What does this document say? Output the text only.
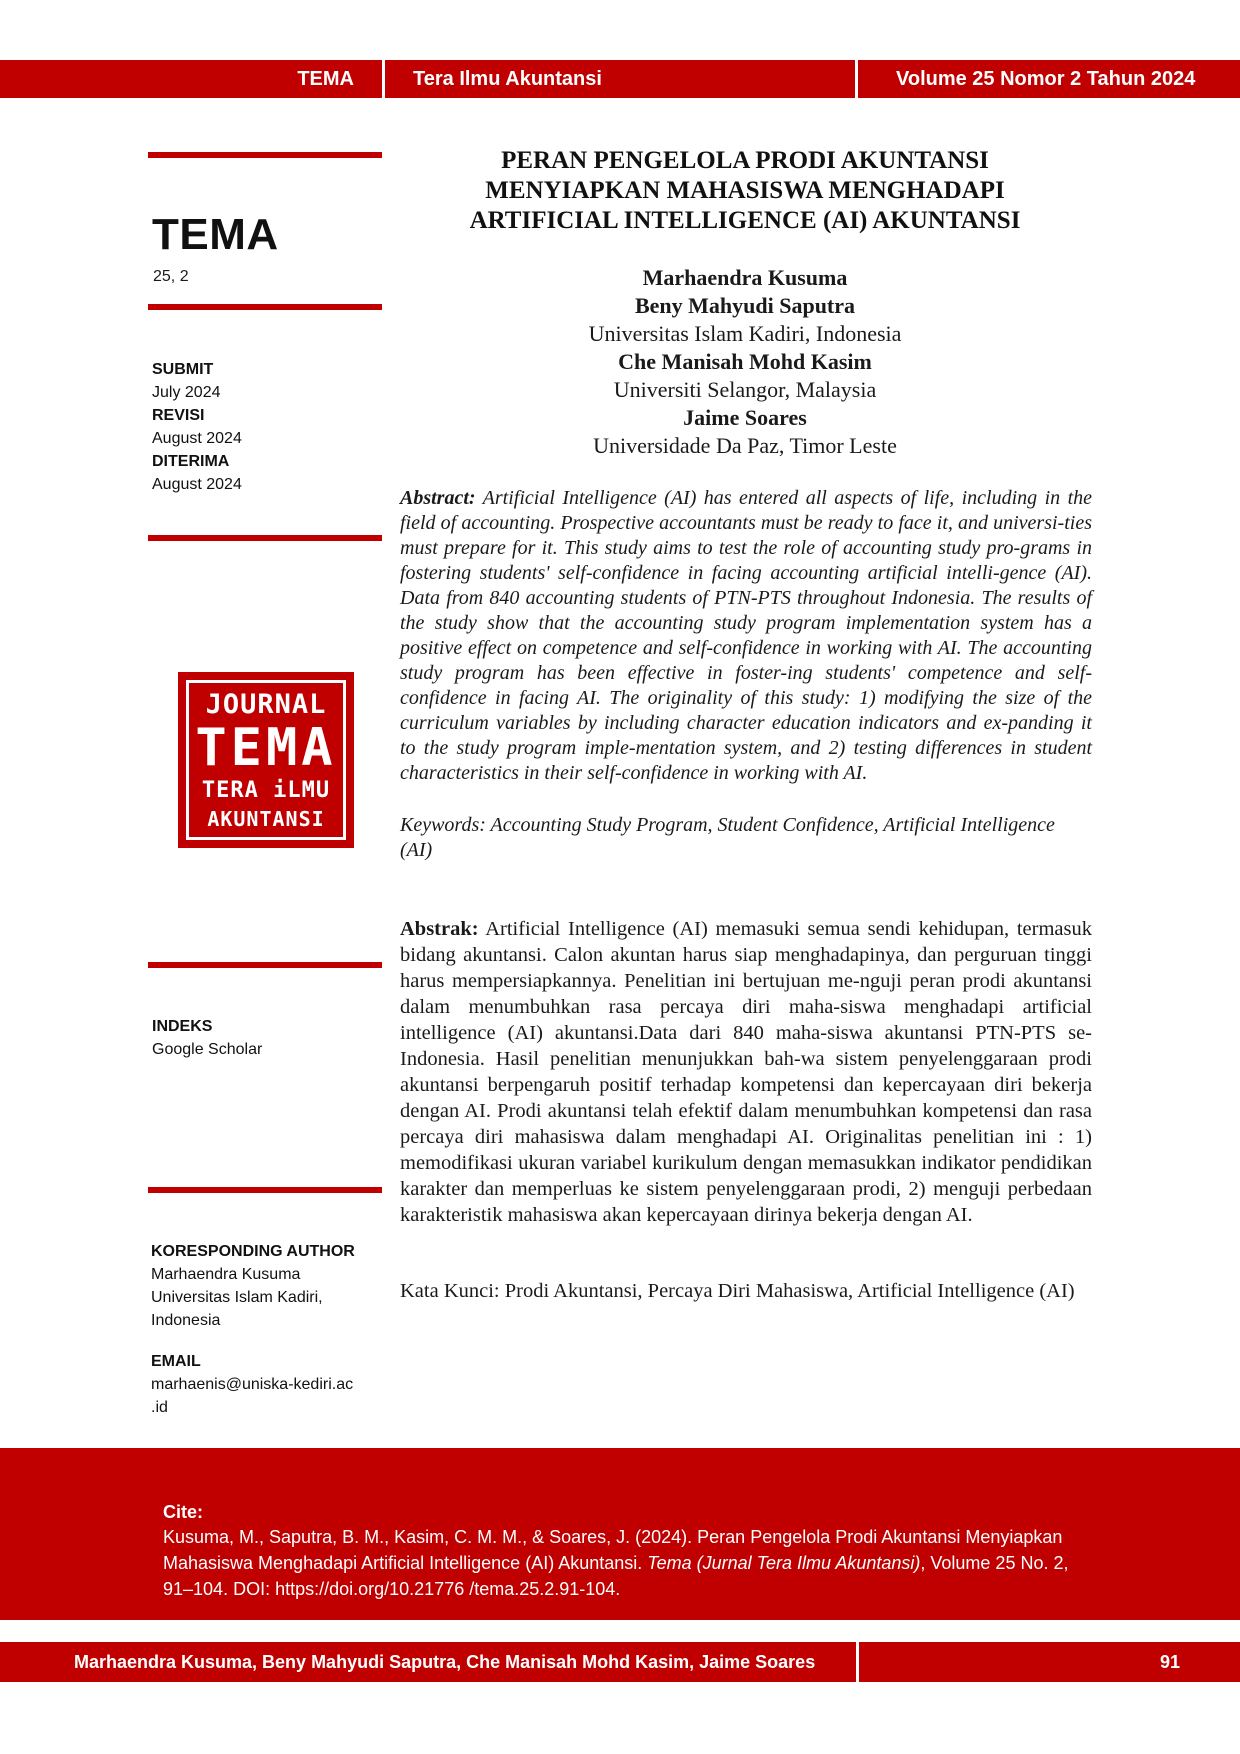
TEMA	Tera Ilmu Akuntansi	Volume 25 Nomor 2 Tahun 2024
TEMA
25, 2
SUBMIT
July 2024
REVISI
August 2024
DITERIMA
August 2024
JOURNAL
TEMA
TERA iLMU
AKUNTANSI
INDEKS
Google Scholar
KORESPONDING AUTHOR
Marhaendra Kusuma
Universitas Islam Kadiri,
Indonesia
EMAIL
marhaenis@uniska-kediri.ac
.id
PERAN PENGELOLA PRODI AKUNTANSI
MENYIAPKAN MAHASISWA MENGHADAPI
ARTIFICIAL INTELLIGENCE (AI) AKUNTANSI
Marhaendra Kusuma
Beny Mahyudi Saputra
Universitas Islam Kadiri, Indonesia
Che Manisah Mohd Kasim
Universiti Selangor, Malaysia
Jaime Soares
Universidade Da Paz, Timor Leste
Abstract: Artificial Intelligence (AI) has entered all aspects of life, including in the field of accounting. Prospective accountants must be ready to face it, and universi-ties must prepare for it. This study aims to test the role of accounting study pro-grams in fostering students' self-confidence in facing accounting artificial intelli-gence (AI). Data from 840 accounting students of PTN-PTS throughout Indonesia. The results of the study show that the accounting study program implementation system has a positive effect on competence and self-confidence in working with AI. The accounting study program has been effective in foster-ing students' competence and self-confidence in facing AI. The originality of this study: 1) modifying the size of the curriculum variables by including character education indicators and ex-panding it to the study program imple-mentation system, and 2) testing differences in student characteristics in their self-confidence in working with AI.
Keywords: Accounting Study Program, Student Confidence, Artificial Intelligence (AI)
Abstrak: Artificial Intelligence (AI) memasuki semua sendi kehidupan, termasuk bidang akuntansi. Calon akuntan harus siap menghadapinya, dan perguruan tinggi harus mempersiapkannya. Penelitian ini bertujuan me-nguji peran prodi akuntansi dalam menumbuhkan rasa percaya diri maha-siswa menghadapi artificial intelligence (AI) akuntansi.Data dari 840 maha-siswa akuntansi PTN-PTS se-Indonesia. Hasil penelitian menunjukkan bah-wa sistem penyelenggaraan prodi akuntansi berpengaruh positif terhadap kompetensi dan kepercayaan diri bekerja dengan AI. Prodi akuntansi telah efektif dalam menumbuhkan kompetensi dan rasa percaya diri mahasiswa dalam menghadapi AI. Originalitas penelitian ini : 1) memodifikasi ukuran variabel kurikulum dengan memasukkan indikator pendidikan karakter dan memperluas ke sistem penyelenggaraan prodi, 2) menguji perbedaan karakteristik mahasiswa akan kepercayaan dirinya bekerja dengan AI.
Kata Kunci: Prodi Akuntansi, Percaya Diri Mahasiswa, Artificial Intelligence (AI)
Cite:
Kusuma, M., Saputra, B. M., Kasim, C. M. M., & Soares, J. (2024). Peran Pengelola Prodi Akuntansi Menyiapkan Mahasiswa Menghadapi Artificial Intelligence (AI) Akuntansi. Tema (Jurnal Tera Ilmu Akuntansi), Volume 25 No. 2, 91–104. DOI: https://doi.org/10.21776 /tema.25.2.91-104.
Marhaendra Kusuma, Beny Mahyudi Saputra, Che Manisah Mohd Kasim, Jaime Soares	91
